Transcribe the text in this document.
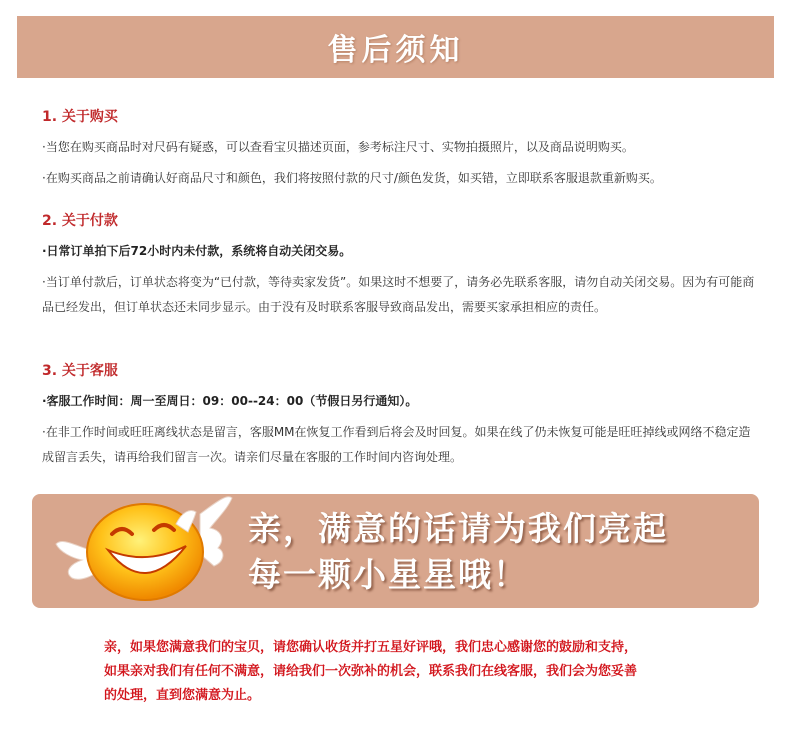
售后须知

1. 关于购买

·当您在购买商品时对尺码有疑惑，可以查看宝贝描述页面，参考标注尺寸、实物拍摄照片，以及商品说明购买。

·在购买商品之前请确认好商品尺寸和颜色，我们将按照付款的尺寸/颜色发货，如买错，立即联系客服退款重新购买。

2. 关于付款

·日常订单拍下后72小时内未付款，系统将自动关闭交易。

·当订单付款后，订单状态将变为“已付款，等待卖家发货”。如果这时不想要了，请务必先联系客服，请勿自动关闭交易。因为有可能商品已经发出，但订单状态还未同步显示。由于没有及时联系客服导致商品发出，需要买家承担相应的责任。

3. 关于客服

·客服工作时间：周一至周日：09：00--24：00（节假日另行通知）。

·在非工作时间或旺旺离线状态是留言，客服MM在恢复工作看到后将会及时回复。如果在线了仍未恢复可能是旺旺掉线或网络不稳定造成留言丢失，请再给我们留言一次。请亲们尽量在客服的工作时间内咨询处理。

亲，满意的话请为我们亮起
每一颗小星星哦！

亲，如果您满意我们的宝贝，请您确认收货并打五星好评哦，我们忠心感谢您的鼓励和支持，如果亲对我们有任何不满意，请给我们一次弥补的机会，联系我们在线客服，我们会为您妥善的处理，直到您满意为止。
